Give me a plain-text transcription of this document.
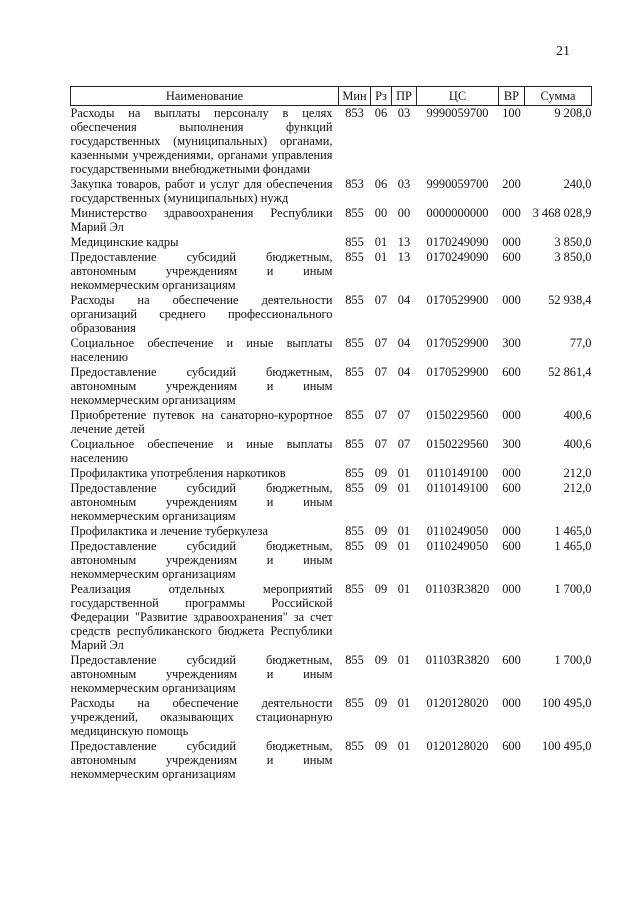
21
Наименование	Мин	Рз	ПР	ЦС	ВР	Сумма
Расходы на выплаты персоналу в целях обеспечения выполнения функций государственных (муниципальных) органами, казенными учреждениями, органами управления государственными внебюджетными фондами	853	06	03	9990059700	100	9 208,0
Закупка товаров, работ и услуг для обеспечения государственных (муниципальных) нужд	853	06	03	9990059700	200	240,0
Министерство здравоохранения Республики Марий Эл	855	00	00	0000000000	000	3 468 028,9
Медицинские кадры	855	01	13	0170249090	000	3 850,0
Предоставление субсидий бюджетным, автономным учреждениям и иным некоммерческим организациям	855	01	13	0170249090	600	3 850,0
Расходы на обеспечение деятельности организаций среднего профессионального образования	855	07	04	0170529900	000	52 938,4
Социальное обеспечение и иные выплаты населению	855	07	04	0170529900	300	77,0
Предоставление субсидий бюджетным, автономным учреждениям и иным некоммерческим организациям	855	07	04	0170529900	600	52 861,4
Приобретение путевок на санаторно-курортное лечение детей	855	07	07	0150229560	000	400,6
Социальное обеспечение и иные выплаты населению	855	07	07	0150229560	300	400,6
Профилактика употребления наркотиков	855	09	01	0110149100	000	212,0
Предоставление субсидий бюджетным, автономным учреждениям и иным некоммерческим организациям	855	09	01	0110149100	600	212,0
Профилактика и лечение туберкулеза	855	09	01	0110249050	000	1 465,0
Предоставление субсидий бюджетным, автономным учреждениям и иным некоммерческим организациям	855	09	01	0110249050	600	1 465,0
Реализация отдельных мероприятий государственной программы Российской Федерации "Развитие здравоохранения" за счет средств республиканского бюджета Республики Марий Эл	855	09	01	01103R3820	000	1 700,0
Предоставление субсидий бюджетным, автономным учреждениям и иным некоммерческим организациям	855	09	01	01103R3820	600	1 700,0
Расходы на обеспечение деятельности учреждений, оказывающих стационарную медицинскую помощь	855	09	01	0120128020	000	100 495,0
Предоставление субсидий бюджетным, автономным учреждениям и иным некоммерческим организациям	855	09	01	0120128020	600	100 495,0
